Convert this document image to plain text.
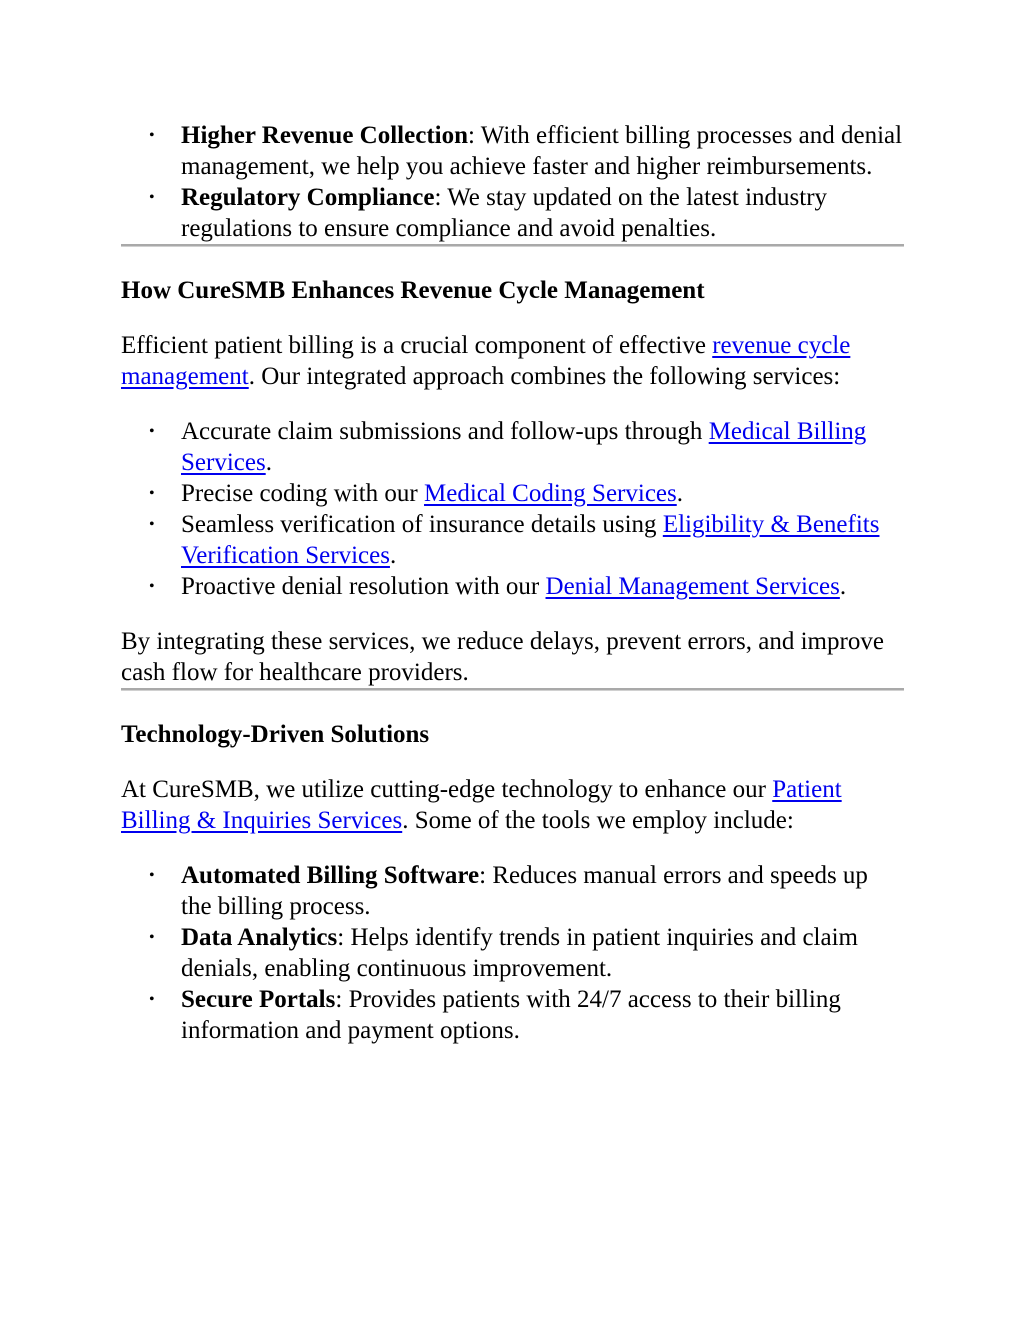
• Higher Revenue Collection: With efficient billing processes and denial management, we help you achieve faster and higher reimbursements.
• Regulatory Compliance: We stay updated on the latest industry regulations to ensure compliance and avoid penalties.
How CureSMB Enhances Revenue Cycle Management

Efficient patient billing is a crucial component of effective revenue cycle management. Our integrated approach combines the following services:

• Accurate claim submissions and follow-ups through Medical Billing Services.
• Precise coding with our Medical Coding Services.
• Seamless verification of insurance details using Eligibility & Benefits Verification Services.
• Proactive denial resolution with our Denial Management Services.

By integrating these services, we reduce delays, prevent errors, and improve cash flow for healthcare providers.

Technology-Driven Solutions

At CureSMB, we utilize cutting-edge technology to enhance our Patient Billing & Inquiries Services. Some of the tools we employ include:

• Automated Billing Software: Reduces manual errors and speeds up the billing process.
• Data Analytics: Helps identify trends in patient inquiries and claim denials, enabling continuous improvement.
• Secure Portals: Provides patients with 24/7 access to their billing information and payment options.
